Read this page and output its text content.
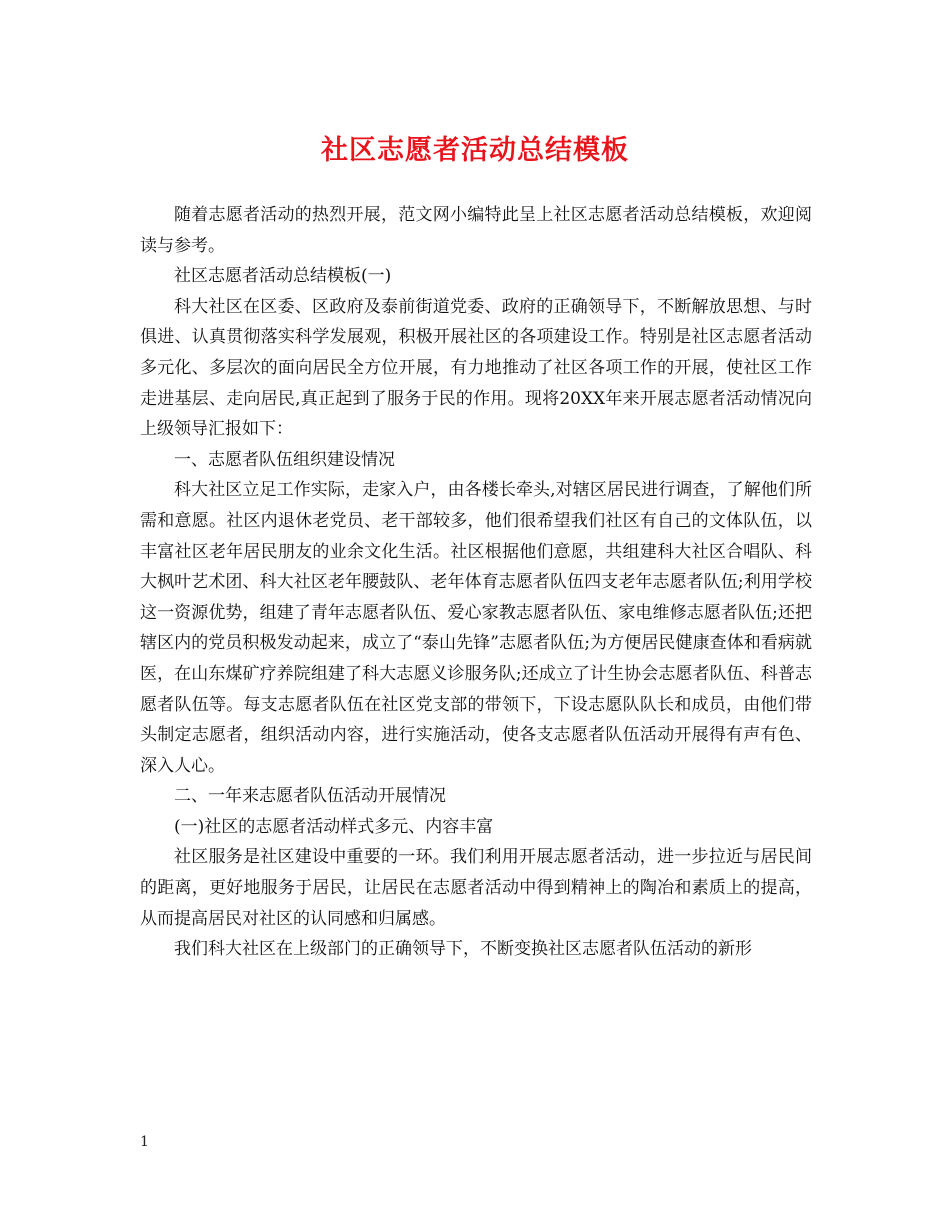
社区志愿者活动总结模板

随着志愿者活动的热烈开展，范文网小编特此呈上社区志愿者活动总结模板，欢迎阅读与参考。

社区志愿者活动总结模板(一)

科大社区在区委、区政府及泰前街道党委、政府的正确领导下，不断解放思想、与时俱进、认真贯彻落实科学发展观，积极开展社区的各项建设工作。特别是社区志愿者活动多元化、多层次的面向居民全方位开展，有力地推动了社区各项工作的开展，使社区工作走进基层、走向居民,真正起到了服务于民的作用。现将20XX年来开展志愿者活动情况向上级领导汇报如下：

一、志愿者队伍组织建设情况

科大社区立足工作实际，走家入户，由各楼长牵头,对辖区居民进行调查，了解他们所需和意愿。社区内退休老党员、老干部较多，他们很希望我们社区有自己的文体队伍，以丰富社区老年居民朋友的业余文化生活。社区根据他们意愿，共组建科大社区合唱队、科大枫叶艺术团、科大社区老年腰鼓队、老年体育志愿者队伍四支老年志愿者队伍;利用学校这一资源优势，组建了青年志愿者队伍、爱心家教志愿者队伍、家电维修志愿者队伍;还把辖区内的党员积极发动起来，成立了“泰山先锋”志愿者队伍;为方便居民健康查体和看病就医，在山东煤矿疗养院组建了科大志愿义诊服务队;还成立了计生协会志愿者队伍、科普志愿者队伍等。每支志愿者队伍在社区党支部的带领下，下设志愿队队长和成员，由他们带头制定志愿者，组织活动内容，进行实施活动，使各支志愿者队伍活动开展得有声有色、深入人心。

二、一年来志愿者队伍活动开展情况

(一)社区的志愿者活动样式多元、内容丰富

社区服务是社区建设中重要的一环。我们利用开展志愿者活动，进一步拉近与居民间的距离，更好地服务于居民，让居民在志愿者活动中得到精神上的陶冶和素质上的提高，从而提高居民对社区的认同感和归属感。

我们科大社区在上级部门的正确领导下，不断变换社区志愿者队伍活动的新形

1
